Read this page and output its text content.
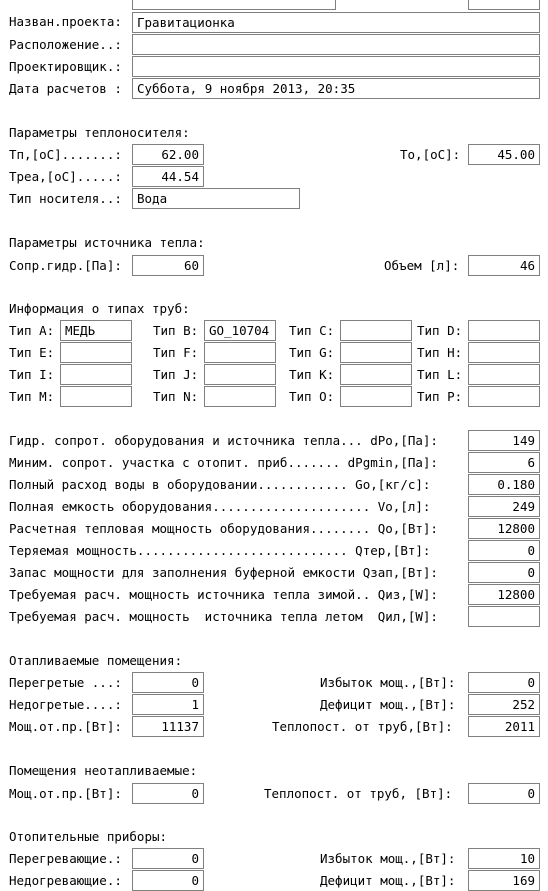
Назван.проекта:	Гравитационка
Расположение..:
Проектировщик.:
Дата расчетов :	Суббота, 9 ноября 2013, 20:35
Параметры теплоносителя:
Тп,[оС].......:	62.00	То,[оС]:	45.00
Треа,[оС].....:	44.54
Тип носителя..:	Вода
Параметры источника тепла:
Сопр.гидр.[Па]:	60	Объем [л]:	46
Информация о типах труб:
Тип A: МЕДЬ	Тип B: GO_10704	Тип C:	Тип D:
Тип E:	Тип F:	Тип G:	Тип H:
Тип I:	Тип J:	Тип K:	Тип L:
Тип M:	Тип N:	Тип O:	Тип P:
Гидр. сопрот. оборудования и источника тепла... dPo,[Па]:	149
Миним. сопрот. участка с отопит. приб....... dPgmin,[Па]:	6
Полный расход воды в оборудовании............ Go,[кг/с]:	0.180
Полная емкость оборудования..................... Vo,[л]:	249
Расчетная тепловая мощность оборудования........ Qo,[Вт]:	12800
Теряемая мощность............................ Qтер,[Вт]:	0
Запас мощности для заполнения буферной емкости Qзап,[Вт]:	0
Требуемая расч. мощность источника тепла зимой.. Qиз,[W]:	12800
Требуемая расч. мощность  источника тепла летом  Qил,[W]:
Отапливаемые помещения:
Перегретые ...:	0	Избыток мощ.,[Вт]:	0
Недогретые....:	1	Дефицит мощ.,[Вт]:	252
Мощ.от.пр.[Вт]:	11137	Теплопост. от труб,[Вт]:	2011
Помещения неотапливаемые:
Мощ.от.пр.[Вт]:	0	Теплопост. от труб, [Вт]:	0
Отопительные приборы:
Перегревающие.:	0	Избыток мощ.,[Вт]:	10
Недогревающие.:	0	Дефицит мощ.,[Вт]:	169
